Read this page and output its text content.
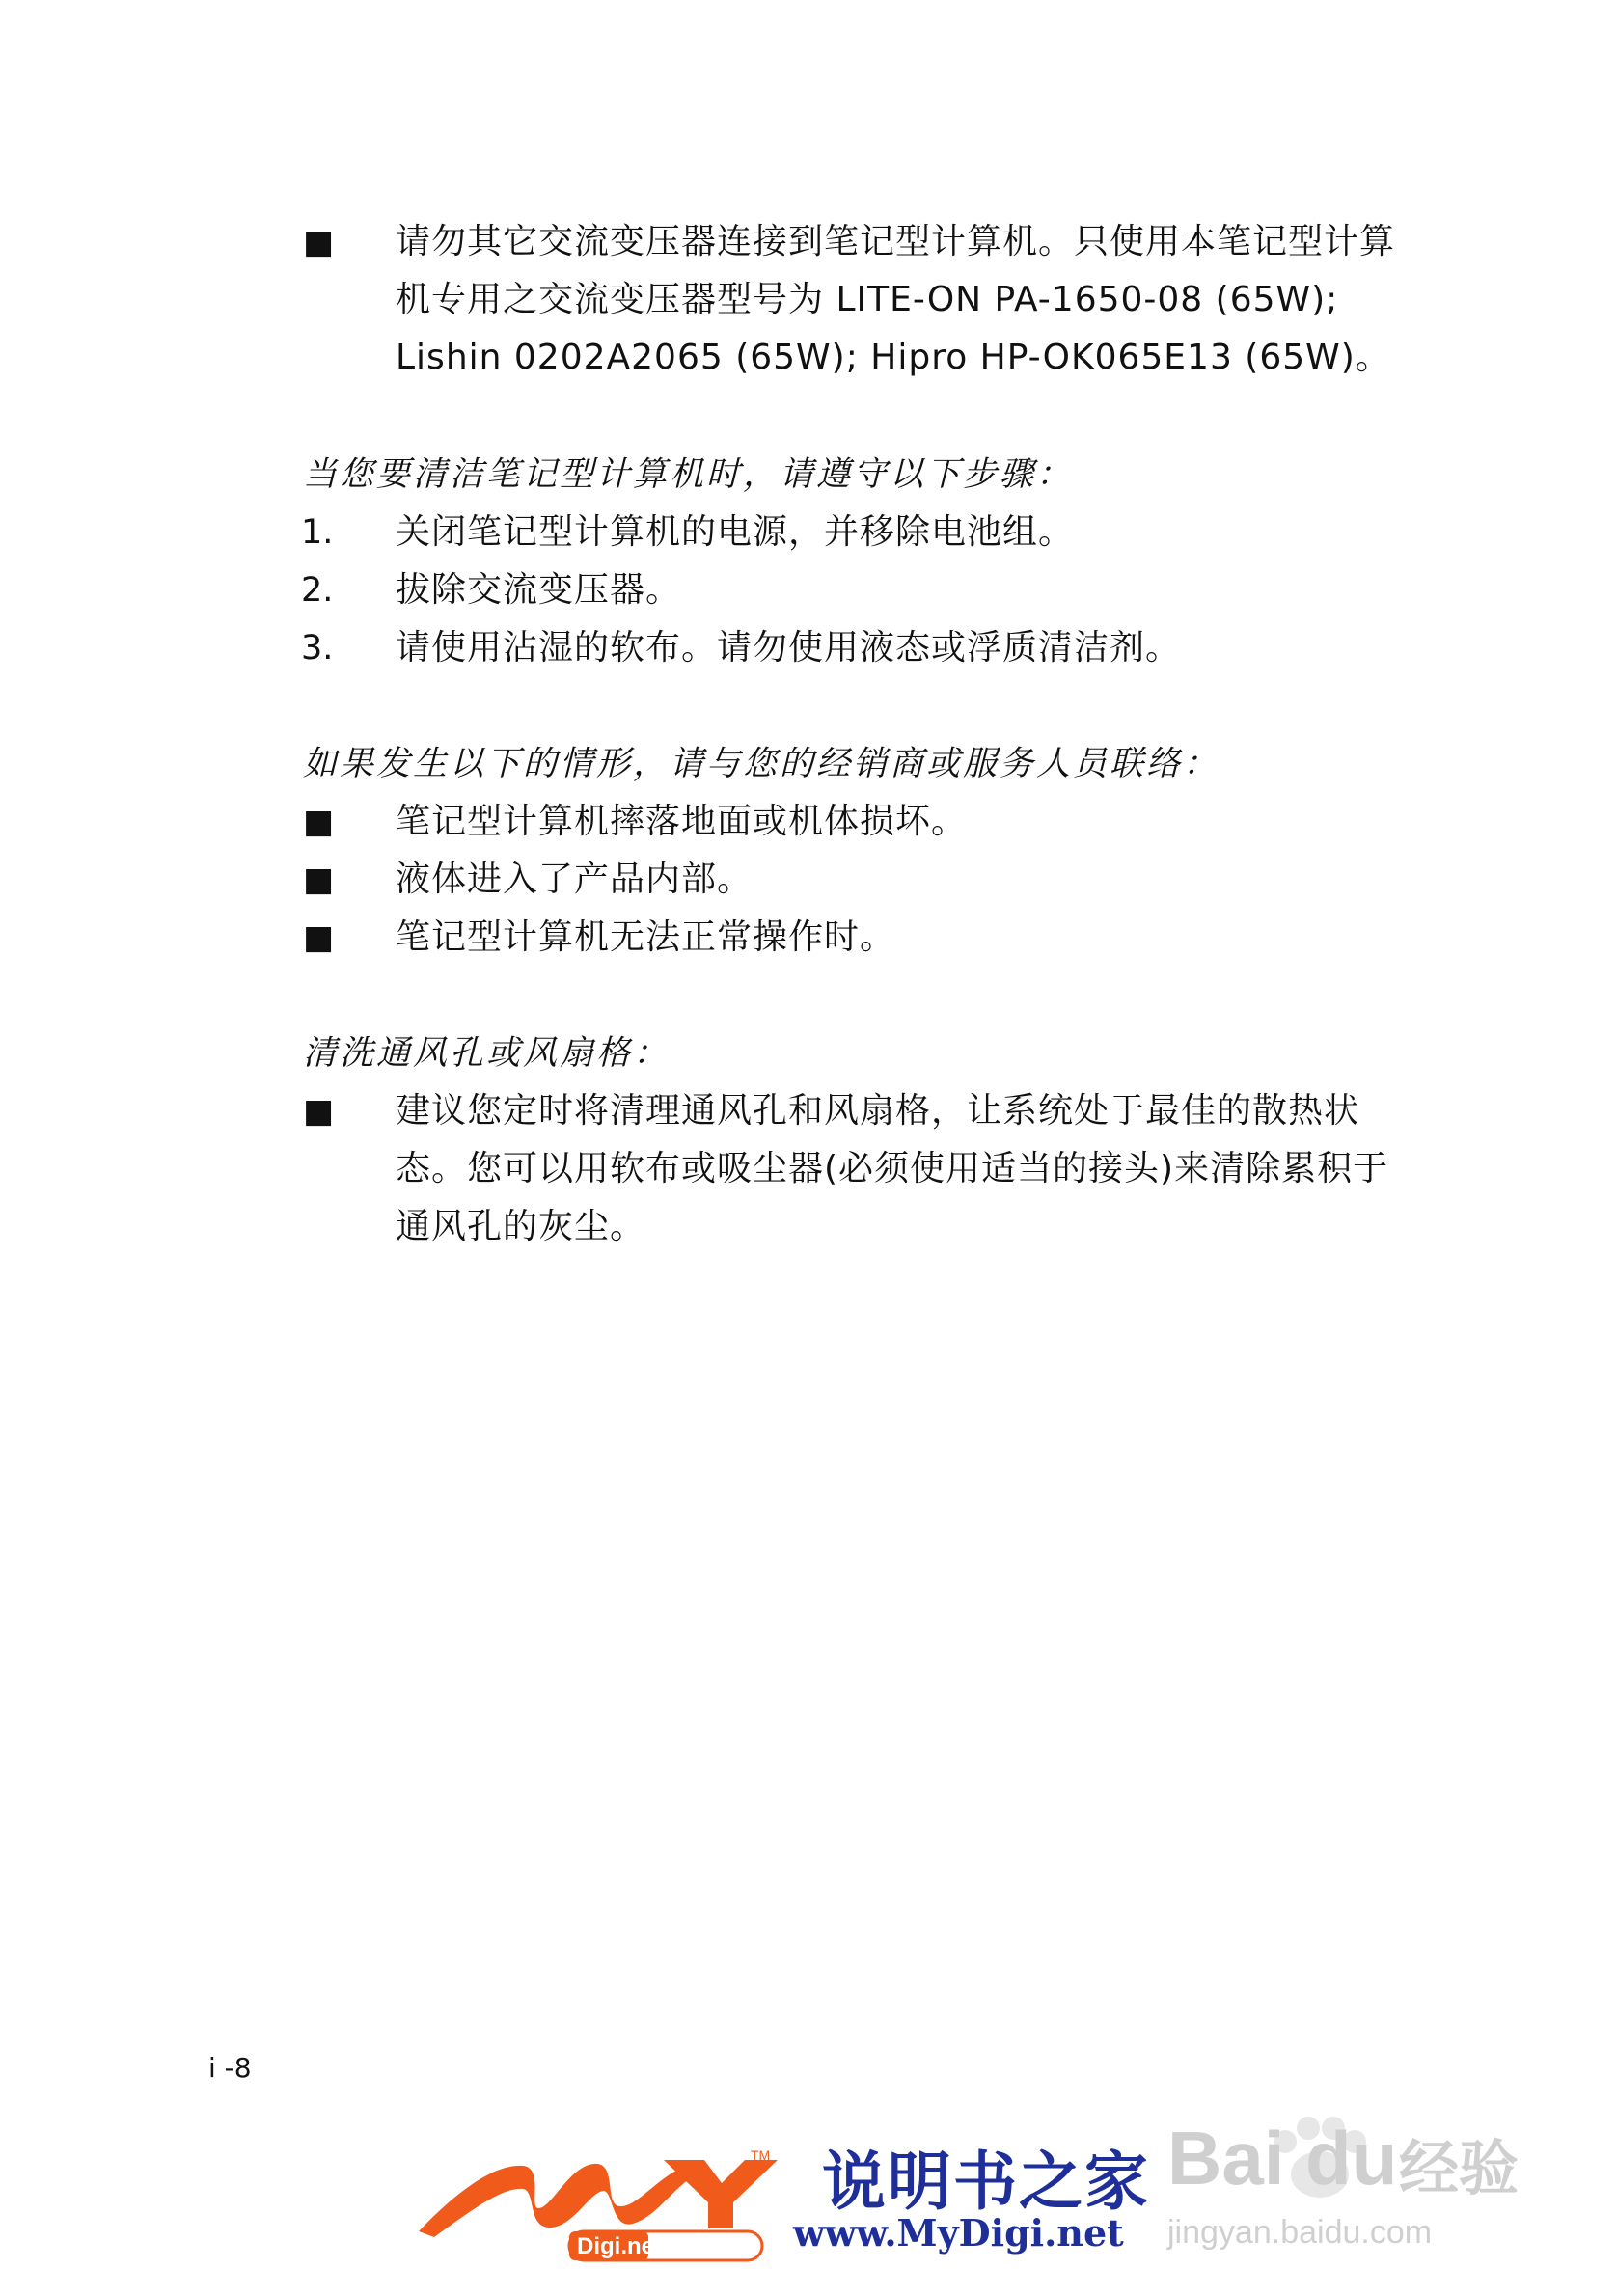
■ 请勿其它交流变压器连接到笔记型计算机。只使用本笔记型计算
机专用之交流变压器型号为 LITE-ON PA-1650-08 (65W);
Lishin 0202A2065 (65W); Hipro HP-OK065E13 (65W)。
当您要清洁笔记型计算机时，请遵守以下步骤：
1. 关闭笔记型计算机的电源，并移除电池组。
2. 拔除交流变压器。
3. 请使用沾湿的软布。请勿使用液态或浮质清洁剂。
如果发生以下的情形，请与您的经销商或服务人员联络：
■ 笔记型计算机摔落地面或机体损坏。
■ 液体进入了产品内部。
■ 笔记型计算机无法正常操作时。
清洗通风孔或风扇格：
■ 建议您定时将清理通风孔和风扇格，让系统处于最佳的散热状
态。您可以用软布或吸尘器(必须使用适当的接头)来清除累积于
通风孔的灰尘。
i -8
Digi.net
TM 说明书之家
www.MyDigi.net
Bai du 经验
jingyan.baidu.com
